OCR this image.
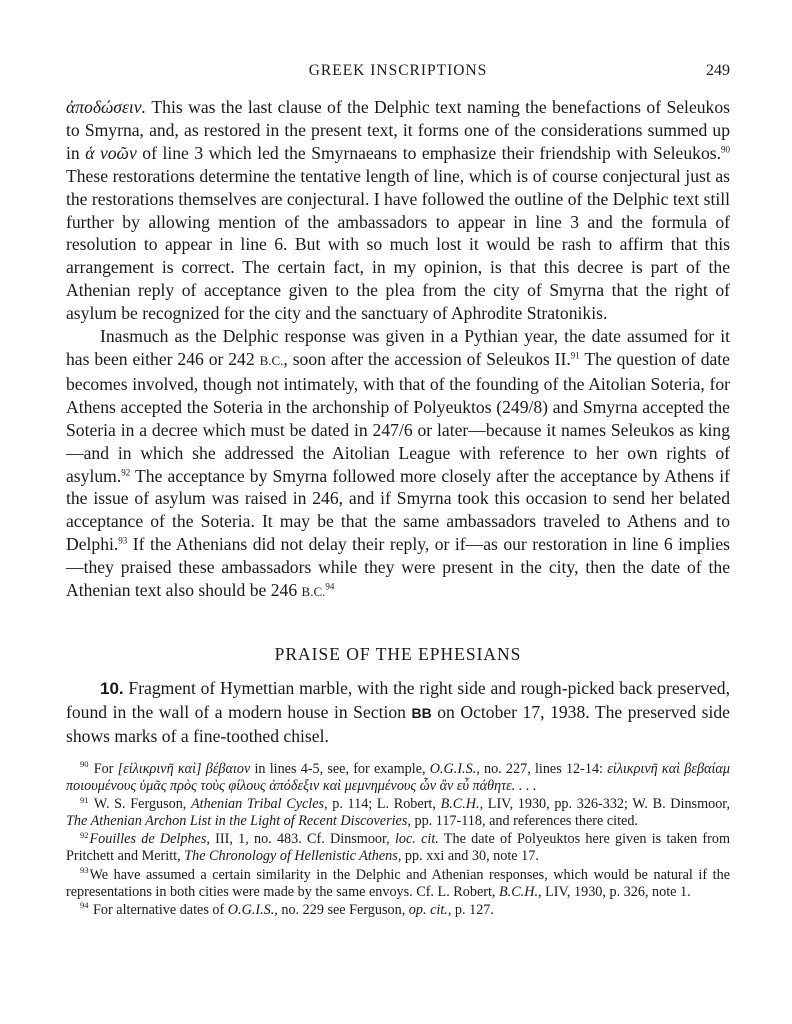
GREEK INSCRIPTIONS	249

ἀποδώσειν. This was the last clause of the Delphic text naming the benefactions of Seleukos to Smyrna, and, as restored in the present text, it forms one of the considerations summed up in ἁ νοῶν of line 3 which led the Smyrnaeans to emphasize their friendship with Seleukos.$^{90}$ These restorations determine the tentative length of line, which is of course conjectural just as the restorations themselves are conjectural. I have followed the outline of the Delphic text still further by allowing mention of the ambassadors to appear in line 3 and the formula of resolution to appear in line 6. But with so much lost it would be rash to affirm that this arrangement is correct. The certain fact, in my opinion, is that this decree is part of the Athenian reply of acceptance given to the plea from the city of Smyrna that the right of asylum be recognized for the city and the sanctuary of Aphrodite Stratonikis.

Inasmuch as the Delphic response was given in a Pythian year, the date assumed for it has been either 246 or 242 B.C., soon after the accession of Seleukos II.$^{91}$ The question of date becomes involved, though not intimately, with that of the founding of the Aitolian Soteria, for Athens accepted the Soteria in the archonship of Polyeuktos (249/8) and Smyrna accepted the Soteria in a decree which must be dated in 247/6 or later––because it names Seleukos as king—and in which she addressed the Aitolian League with reference to her own rights of asylum.$^{92}$ The acceptance by Smyrna followed more closely after the acceptance by Athens if the issue of asylum was raised in 246, and if Smyrna took this occasion to send her belated acceptance of the Soteria. It may be that the same ambassadors traveled to Athens and to Delphi.$^{93}$ If the Athenians did not delay their reply, or if—as our restoration in line 6 implies—they praised these ambassadors while they were present in the city, then the date of the Athenian text also should be 246 B.C.$^{94}$

PRAISE OF THE EPHESIANS

10. Fragment of Hymettian marble, with the right side and rough-picked back preserved, found in the wall of a modern house in Section BB on October 17, 1938. The preserved side shows marks of a fine-toothed chisel.

$^{90}$ For [εἰλικρινῆ καὶ] βέβαιον in lines 4-5, see, for example, O.G.I.S., no. 227, lines 12-14: εἰλικρινῆ καὶ βεβαίαμ ποιουμένους ὑμᾶς πρὸς τοὺς φίλους ἀπόδεξιν καὶ μεμνημένους ὧν ἂν εὖ πάθητε. . . .

$^{91}$ W. S. Ferguson, Athenian Tribal Cycles, p. 114; L. Robert, B.C.H., LIV, 1930, pp. 326-332; W. B. Dinsmoor, The Athenian Archon List in the Light of Recent Discoveries, pp. 117-118, and references there cited.

$^{92}$Fouilles de Delphes, III, 1, no. 483. Cf. Dinsmoor, loc. cit. The date of Polyeuktos here given is taken from Pritchett and Meritt, The Chronology of Hellenistic Athens, pp. xxi and 30, note 17.

$^{93}$We have assumed a certain similarity in the Delphic and Athenian responses, which would be natural if the representations in both cities were made by the same envoys. Cf. L. Robert, B.C.H., LIV, 1930, p. 326, note 1.

$^{94}$ For alternative dates of O.G.I.S., no. 229 see Ferguson, op. cit., p. 127.
